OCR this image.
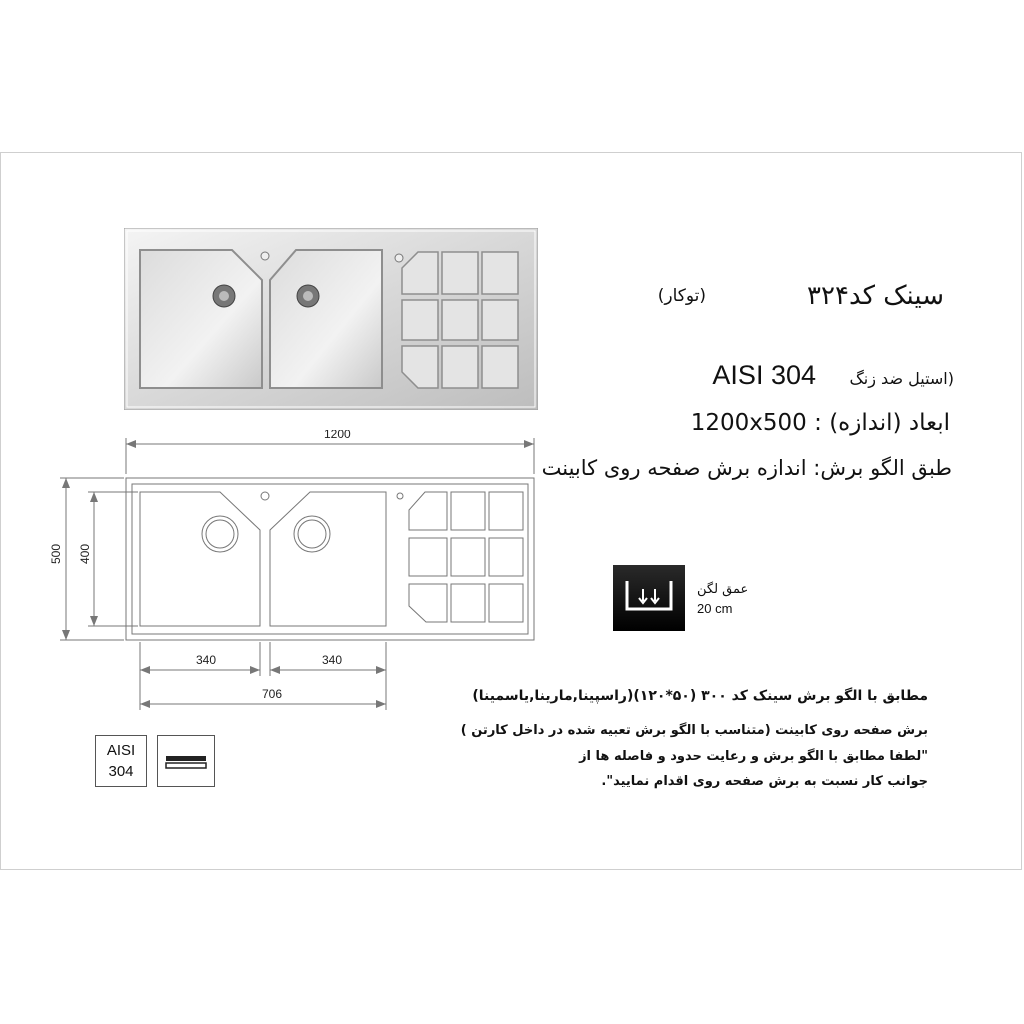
1200
500 400
340	340
706
سینک کد۳۲۴
(توکار)
AISI 304 (استیل ضد زنگ
1200x500 : ابعاد (اندازه)
طبق الگو برش: اندازه برش صفحه روی کابینت
عمق لگن
20 cm
مطابق با الگو برش سینک کد ۳۰۰ (۵۰*۱۲۰)(راسپینا,مارینا,یاسمینا)
برش صفحه روی کابینت (متناسب با الگو برش تعبیه شده در داخل کارتن )
"لطفا مطابق با الگو برش و رعایت حدود و فاصله ها از
جوانب کار نسبت به برش صفحه روی اقدام نمایید".
AISI
304
